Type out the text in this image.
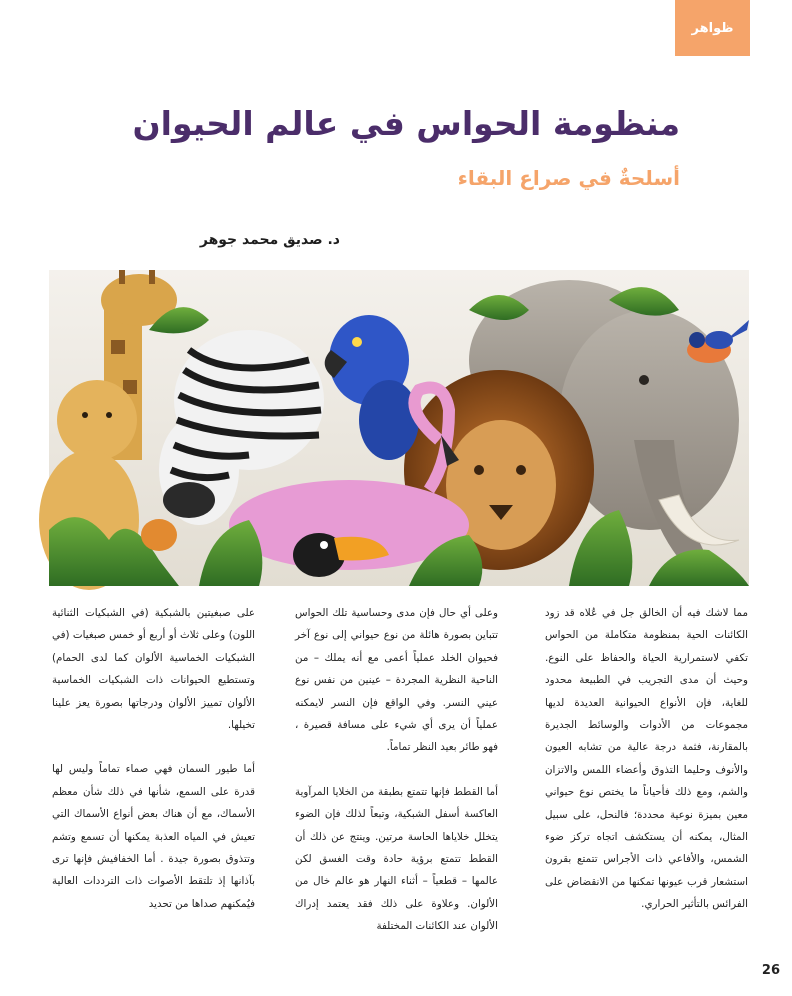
ظواهر
منظومة الحواس في عالم الحيوان
أسلحةٌ في صراع البقاء
د. صديق محمد جوهر

مما لاشك فيه أن الخالق جل في عُلاه قد زود الكائنات الحية بمنظومة متكاملة من الحواس تكفي لاستمرارية الحياة والحفاظ على النوع. وحيث أن مدى التجريب في الطبيعة محدود للغاية، فإن الأنواع الحيوانية العديدة لديها مجموعات من الأدوات والوسائط الجديرة بالمقارنة، فثمة درجة عالية من تشابه العيون والأنوف وحليما التذوق وأعضاء اللمس والاتزان والشم، ومع ذلك فأحياناً ما يختص نوع حيواني معين بميزة نوعية محددة؛ فالنحل، على سبيل المثال، يمكنه أن يستكشف اتجاه تركز ضوء الشمس، والأفاعي ذات الأجراس تتمتع بقرون استشعار قرب عيونها تمكنها من الانقضاض على الفرائس بالتأثير الحراري.

وعلى أي حال فإن مدى وحساسية تلك الحواس تتباين بصورة هائلة من نوع حيواني إلى نوع آخر فحيوان الخلد عملياً أعمى مع أنه يملك – من الناحية النظرية المجردة – عينين من نفس نوع عيني النسر. وفي الواقع فإن النسر لايمكنه عملياً أن يرى أي شيء على مسافة قصيرة ، فهو طائر بعيد النظر تماماً.

أما القطط فإنها تتمتع بطبقة من الخلايا المرآوية العاكسة أسفل الشبكية، وتبعاً لذلك فإن الضوء يتخلل خلاياها الحاسة مرتين. وينتج عن ذلك أن القطط تتمتع برؤية حادة وقت الغسق لكن عالمها – قطعياً – أثناء النهار هو عالم خال من الألوان. وعلاوة على ذلك فقد يعتمد إدراك الألوان عند الكائنات المختلفة

على صبغيتين بالشبكية (في الشبكيات الثنائية اللون) وعلى ثلاث أو أربع أو خمس صبغيات (في الشبكيات الخماسية الألوان كما لدى الحمام) وتستطيع الحيوانات ذات الشبكيات الخماسية الألوان تمييز الألوان ودرجاتها بصورة يعز علينا تخيلها.

أما طيور السمان فهي صماء تماماً وليس لها قدرة على السمع، شأنها في ذلك شأن معظم الأسماك، مع أن هناك بعض أنواع الأسماك التي تعيش في المياه العذبة يمكنها أن تسمع وتشم وتتذوق بصورة جيدة . أما الخفافيش فإنها ترى بآذانها إذ تلتقط الأصوات ذات الترددات العالية فيُمكنهم صداها من تحديد

26
